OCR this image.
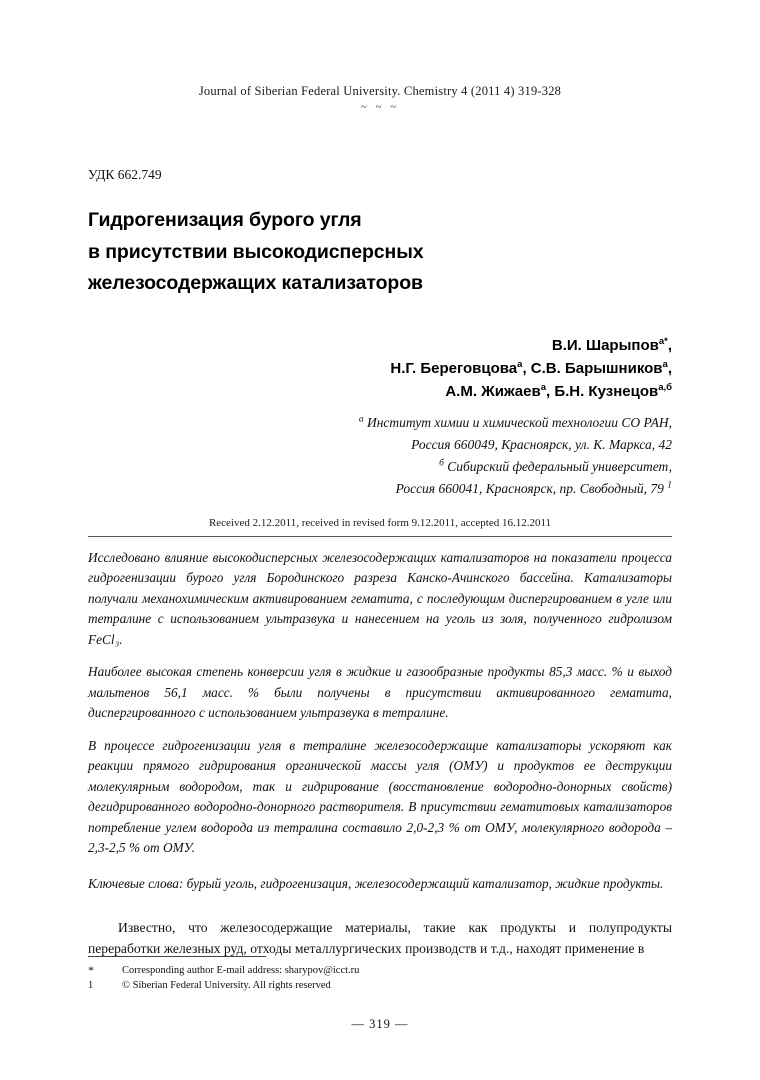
Journal of Siberian Federal University. Chemistry 4 (2011 4) 319-328
~ ~ ~
УДК 662.749
Гидрогенизация бурого угля
в присутствии высокодисперсных
железосодержащих катализаторов
В.И. Шарыпов$^{а*}$,
Н.Г. Береговцова$^а$, С.В. Барышников$^а$,
А.М. Жижаев$^а$, Б.Н. Кузнецов$^{а,б}$
$^а$ Институт химии и химической технологии СО РАН,
Россия 660049, Красноярск, ул. К. Маркса, 42
$^б$ Сибирский федеральный университет,
Россия 660041, Красноярск, пр. Свободный, 79 $^1$
Received 2.12.2011, received in revised form 9.12.2011, accepted 16.12.2011

Исследовано влияние высокодисперсных железосодержащих катализаторов на показатели процесса гидрогенизации бурого угля Бородинского разреза Канско-Ачинского бассейна. Катализаторы получали механохимическим активированием гематита, с последующим диспергированием в угле или тетралине с использованием ультразвука и нанесением на уголь из золя, полученного гидролизом FeCl₃.

Наиболее высокая степень конверсии угля в жидкие и газообразные продукты 85,3 масс. % и выход мальтенов 56,1 масс. % были получены в присутствии активированного гематита, диспергированного с использованием ультразвука в тетралине.

В процессе гидрогенизации угля в тетралине железосодержащие катализаторы ускоряют как реакции прямого гидрирования органической массы угля (ОМУ) и продуктов ее деструкции молекулярным водородом, так и гидрирование (восстановление водородно-донорных свойств) дегидрированного водородно-донорного растворителя. В присутствии гематитовых катализаторов потребление углем водорода из тетралина составило 2,0-2,3 % от ОМУ, молекулярного водорода – 2,3-2,5 % от ОМУ.

Ключевые слова: бурый уголь, гидрогенизация, железосодержащий катализатор, жидкие продукты.
Известно, что железосодержащие материалы, такие как продукты и полупродукты переработки железных руд, отходы металлургических производств и т.д., находят применение в
*	Corresponding author E-mail address: sharypov@icct.ru
1	© Siberian Federal University. All rights reserved
— 319 —
